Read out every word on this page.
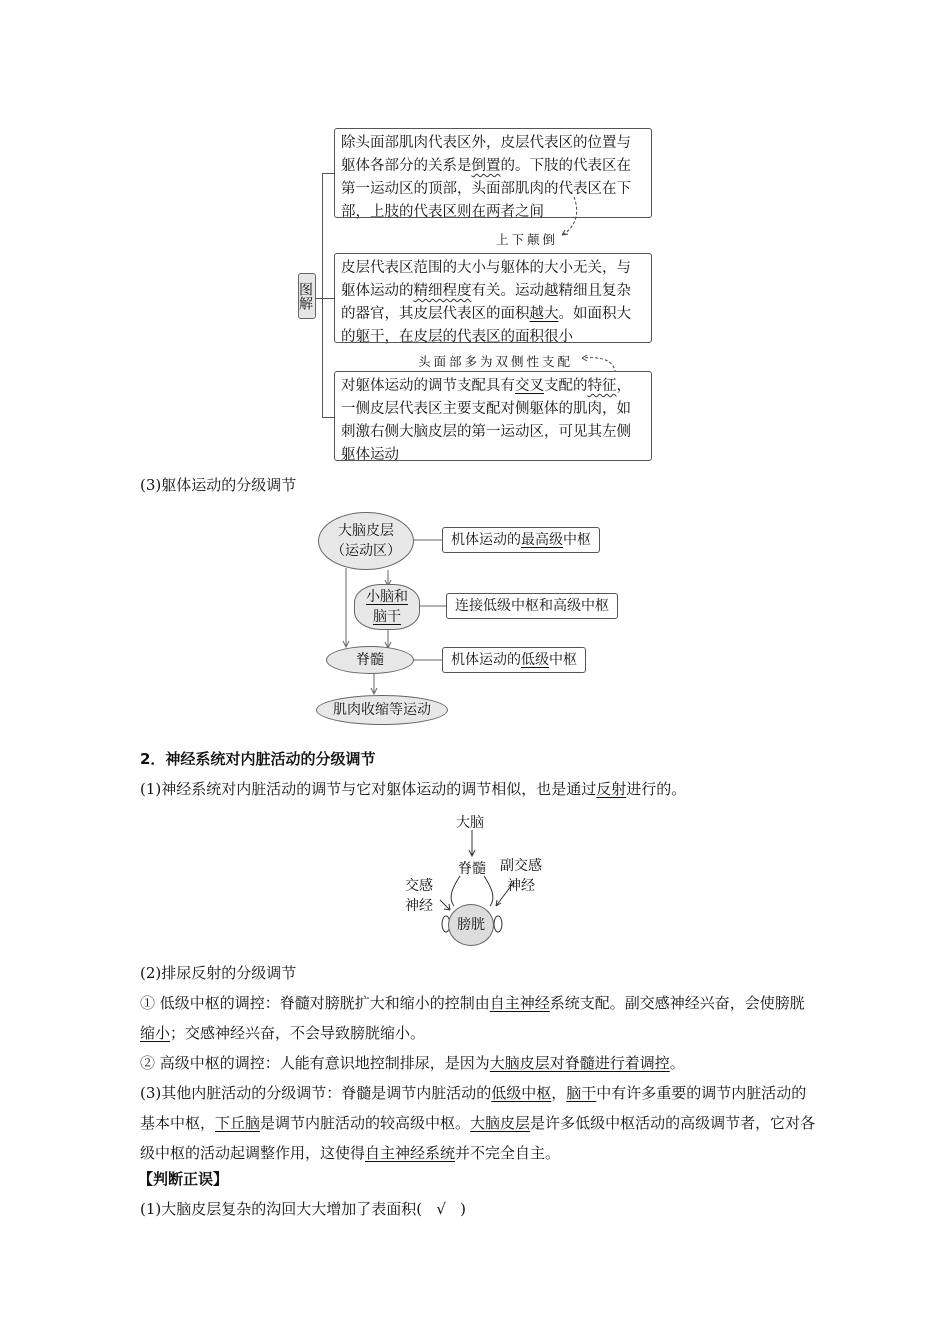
图解
除头面部肌肉代表区外，皮层代表区的位置与躯体各部分的关系是倒置的。下肢的代表区在第一运动区的顶部，头面部肌肉的代表区在下部，上肢的代表区则在两者之间
上下颠倒
皮层代表区范围的大小与躯体的大小无关，与躯体运动的精细程度有关。运动越精细且复杂的器官，其皮层代表区的面积越大。如面积大的躯干，在皮层的代表区的面积很小
头面部多为双侧性支配
对躯体运动的调节支配具有交叉支配的特征，一侧皮层代表区主要支配对侧躯体的肌肉，如刺激右侧大脑皮层的第一运动区，可见其左侧躯体运动
(3)躯体运动的分级调节
大脑皮层
（运动区）
小脑和
脑干
脊髓
肌肉收缩等运动
机体运动的最高级中枢
连接低级中枢和高级中枢
机体运动的低级中枢
2．神经系统对内脏活动的分级调节
(1)神经系统对内脏活动的调节与它对躯体运动的调节相似，也是通过反射进行的。
大脑
脊髓 副交感
神经
交感
神经
膀胱
(2)排尿反射的分级调节
① 低级中枢的调控：脊髓对膀胱扩大和缩小的控制由自主神经系统支配。副交感神经兴奋，会使膀胱缩小；交感神经兴奋，不会导致膀胱缩小。
② 高级中枢的调控：人能有意识地控制排尿，是因为大脑皮层对脊髓进行着调控。
(3)其他内脏活动的分级调节：脊髓是调节内脏活动的低级中枢，脑干中有许多重要的调节内脏活动的基本中枢，下丘脑是调节内脏活动的较高级中枢。大脑皮层是许多低级中枢活动的高级调节者，它对各级中枢的活动起调整作用，这使得自主神经系统并不完全自主。
【判断正误】
(1)大脑皮层复杂的沟回大大增加了表面积( √ )
